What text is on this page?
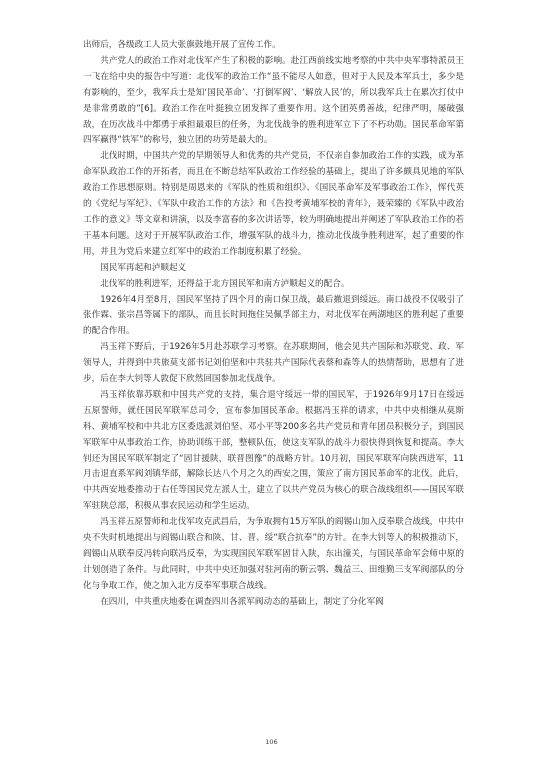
出师后，各级政工人员大张旗鼓地开展了宣传工作。

共产党人的政治工作对北伐军产生了积极的影响。赴江西前线实地考察的中共中央军事特派员王一飞在给中央的报告中写道：北伐军的政治工作“虽不能尽人如意，但对于人民及本军兵士，多少是有影响的，至少，我军兵士是知‘国民革命’、‘打倒军阀’、‘解放人民’的，所以我军兵士在累次打仗中是非常勇敢的”[6]。政治工作在叶挺独立团发挥了重要作用。这个团英勇善战，纪律严明，屡破强敌，在历次战斗中都勇于承担最艰巨的任务，为北伐战争的胜利进军立下了不朽功勋。国民革命军第四军赢得“铁军”的称号，独立团的功劳是最大的。

北伐时期，中国共产党的早期领导人和优秀的共产党员，不仅亲自参加政治工作的实践，成为革命军队政治工作的开拓者，而且在不断总结军队政治工作经验的基础上，提出了许多颇具见地的军队政治工作思想原则。特别是周恩来的《军队的性质和组织》、《国民革命军及军事政治工作》，恽代英的《党纪与军纪》、《军队中政治工作的方法》和《告投考黄埔军校的青年》，聂荣臻的《军队中政治工作的意义》等文章和讲演，以及李富春的多次讲话等，较为明确地提出并阐述了军队政治工作的若干基本问题。这对于开展军队政治工作，增强军队的战斗力，推动北伐战争胜利进军，起了重要的作用，并且为党后来建立红军中的政治工作制度积累了经验。

国民军再起和泸顺起义

北伐军的胜利进军，还得益于北方国民军和南方泸顺起义的配合。

1926年4月至8月，国民军坚持了四个月的南口保卫战，最后撤退到绥远。南口战役不仅吸引了张作霖、张宗昌等属下的部队，而且长时间拖住吴佩孚部主力，对北伐军在两湖地区的胜利起了重要的配合作用。

冯玉祥下野后，于1926年5月赴苏联学习考察。在苏联期间，他会见共产国际和苏联党、政、军领导人，并得到中共旅莫支部书记刘伯坚和中共驻共产国际代表蔡和森等人的热情帮助，思想有了进步，后在李大钊等人敦促下欣然回国参加北伐战争。

冯玉祥依靠苏联和中国共产党的支持，集合退守绥远一带的国民军，于1926年9月17日在绥远五原誓师，就任国民军联军总司令，宣布参加国民革命。根据冯玉祥的请求，中共中央相继从莫斯科、黄埔军校和中共北方区委选派刘伯坚、邓小平等200多名共产党员和青年团员积极分子，到国民军联军中从事政治工作，协助训练干部，整顿队伍，使这支军队的战斗力很快得到恢复和提高。李大钊还为国民军联军制定了“固甘援陕，联晋图豫”的战略方针。10月初，国民军联军向陕西进军，11月击退直系军阀刘镇华部，解除长达八个月之久的西安之围，策应了南方国民革命军的北伐。此后，中共西安地委推动于右任等国民党左派人士，建立了以共产党员为核心的联合战线组织——国民军联军驻陕总部，积极从事农民运动和学生运动。

冯玉祥五原誓师和北伐军攻克武昌后，为争取拥有15万军队的阎锡山加入反奉联合战线，中共中央不失时机地提出与阎锡山联合和陕、甘、晋、绥“联合抗奉”的方针。在李大钊等人的积极推动下，阎锡山从联奉反冯转向联冯反奉，为实现国民军联军固甘入陕，东出潼关，与国民革命军会师中原的计划创造了条件。与此同时，中共中央还加强对驻河南的靳云鹗、魏益三、田维勤三支军阀部队的分化与争取工作，使之加入北方反奉军事联合战线。

在四川，中共重庆地委在调查四川各派军阀动态的基础上，制定了分化军阀

106
